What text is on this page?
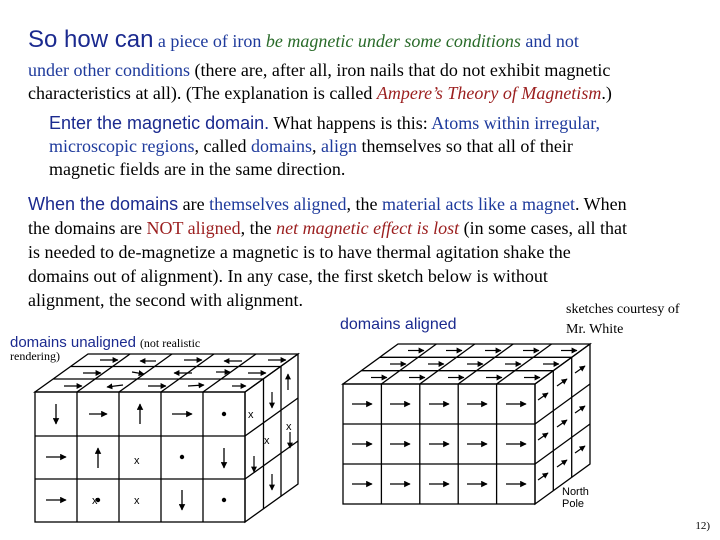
So how can a piece of iron be magnetic under some conditions and not
under other conditions (there are, after all, iron nails that do not exhibit magnetic
characteristics at all). (The explanation is called Ampere’s Theory of Magnetism.)
Enter the magnetic domain. What happens is this: Atoms within irregular,
microscopic regions, called domains, align themselves so that all of their
magnetic fields are in the same direction.
When the domains are themselves aligned, the material acts like a magnet. When
the domains are NOT aligned, the net magnetic effect is lost (in some cases, all that
is needed to de-magnetize a magnetic is to have thermal agitation shake the
domains out of alignment). In any case, the first sketch below is without
alignment, the second with alignment.	sketches courtesy of
Mr. White
domains unaligned (not realistic
rendering)
domains aligned
x
x	x
x
x
x
North
Pole
12)
